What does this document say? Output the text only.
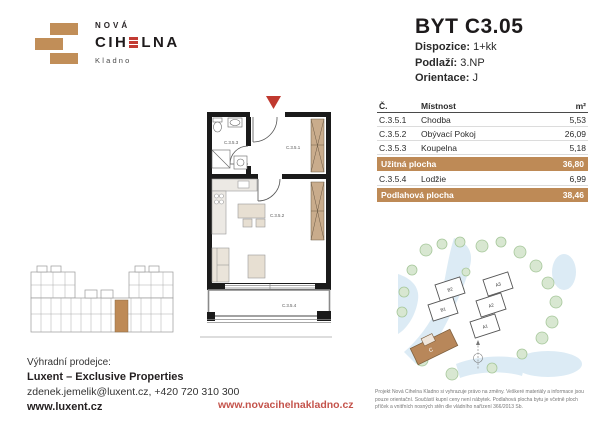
NOVÁ
CIH LNA
Kladno
BYT C3.05
Dispozice: 1+kk
Podlaží: 3.NP
Orientace: J
Č.	Místnost	m²
C.3.5.1	Chodba	5,53
C.3.5.2	Obývací Pokoj	26,09
C.3.5.3	Koupelna	5,18
Užitná plocha	36,80
C.3.5.4	Lodžie	6,99
Podlahová plocha	38,46
C.3.5.1
C.3.5.3
C.3.5.2
C.3.5.4
B2
B1
A3
A2
A1
C
Výhradní prodejce:
Luxent – Exclusive Properties
zdenek.jemelik@luxent.cz, +420 720 310 300
www.luxent.cz	www.novacihelnakladno.cz
Projekt Nová Cihelna Kladno si vyhrazuje právo na změny. Veškeré materiály a informace jsou pouze orientační. Součástí kupní ceny není nábytek. Podlahová plocha bytu je včetně ploch příček a vnitřních nosných stěn dle vládního nařízení 366/2013 Sb.
